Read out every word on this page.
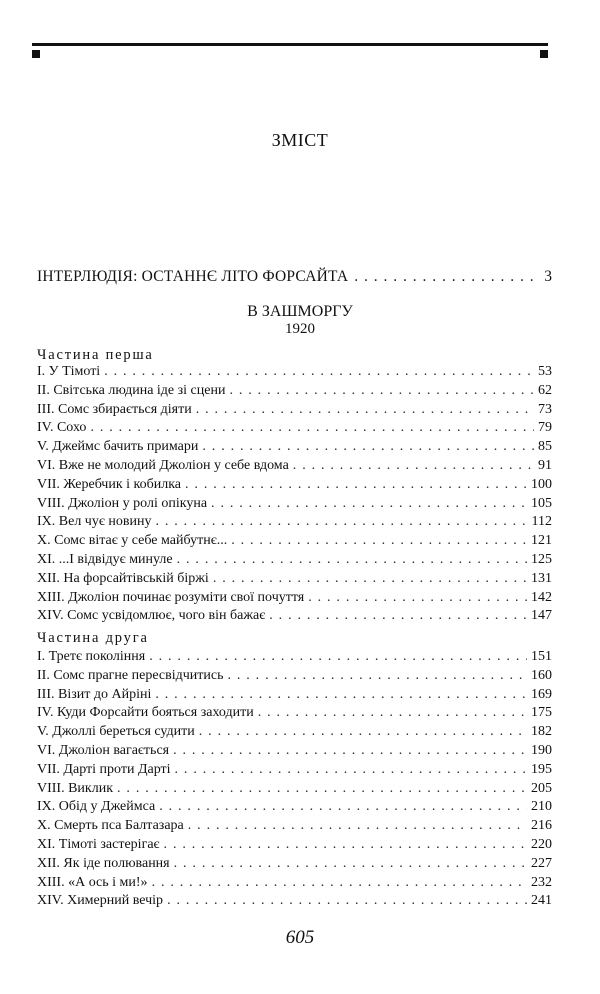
ЗМІСТ
ІНТЕРЛЮДІЯ: ОСТАННЄ ЛІТО ФОРСАЙТА . . .	3
В ЗАШМОРГУ
1920
Частина перша
І. У Тімоті . . .	53
ІІ. Світська людина іде зі сцени . . .	62
ІІІ. Сомс збирається діяти . . .	73
IV. Сохо . . .	79
V. Джеймс бачить примари . . .	85
VI. Вже не молодий Джоліон у себе вдома . . .	91
VII. Жеребчик і кобилка . . .	100
VIII. Джоліон у ролі опікуна . . .	105
IX. Вел чує новину . . .	112
X. Сомс вітає у себе майбутнє... . . .	121
XI. ...І відвідує минуле . . .	125
XII. На форсайтівській біржі . . .	131
XIII. Джоліон починає розуміти свої почуття . . .	142
XIV. Сомс усвідомлює, чого він бажає . . .	147
Частина друга
І. Третє покоління . . .	151
ІІ. Сомс прагне пересвідчитись . . .	160
ІІІ. Візит до Айріні . . .	169
IV. Куди Форсайти бояться заходити . . .	175
V. Джоллі береться судити . . .	182
VI. Джоліон вагається . . .	190
VII. Дарті проти Дарті . . .	195
VIII. Виклик . . .	205
IX. Обід у Джеймса . . .	210
X. Смерть пса Балтазара . . .	216
XI. Тімоті застерігає . . .	220
XII. Як іде полювання . . .	227
XIII. «А ось і ми!» . . .	232
XIV. Химерний вечір . . .	241
605
